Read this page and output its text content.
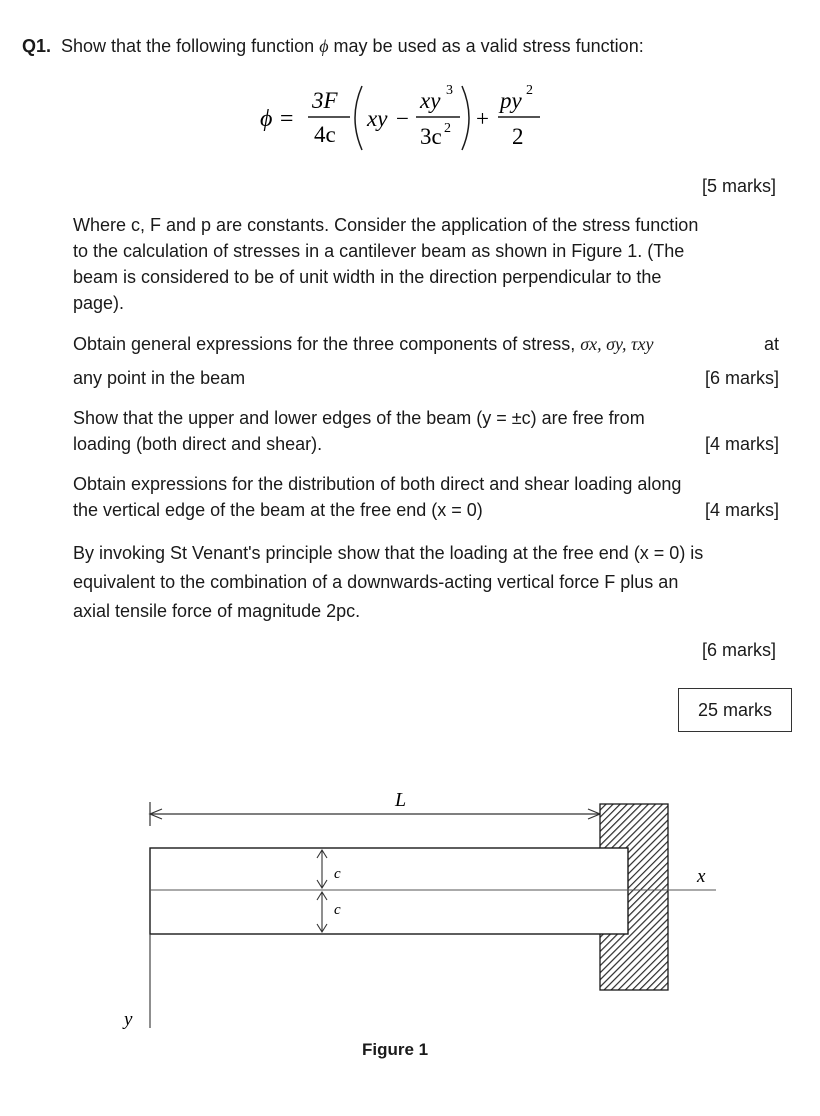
Q1. Show that the following function ϕ may be used as a valid stress function:
ϕ =
3F
4c
xy −
xy 3
3c 2 +
py 2
2
[5 marks]
Where c, F and p are constants. Consider the application of the stress function
to the calculation of stresses in a cantilever beam as shown in Figure 1. (The
beam is considered to be of unit width in the direction perpendicular to the
page).
Obtain general expressions for the three components of stress, σx, σy, τxy	at
any point in the beam	[6 marks]
Show that the upper and lower edges of the beam (y = ±c) are free from
loading (both direct and shear).	[4 marks]
Obtain expressions for the distribution of both direct and shear loading along
the vertical edge of the beam at the free end (x = 0)	[4 marks]
By invoking St Venant's principle show that the loading at the free end (x = 0) is
equivalent to the combination of a downwards-acting vertical force F plus an
axial tensile force of magnitude 2pc.
[6 marks]
25 marks
L
x
y
c
c
Figure 1
